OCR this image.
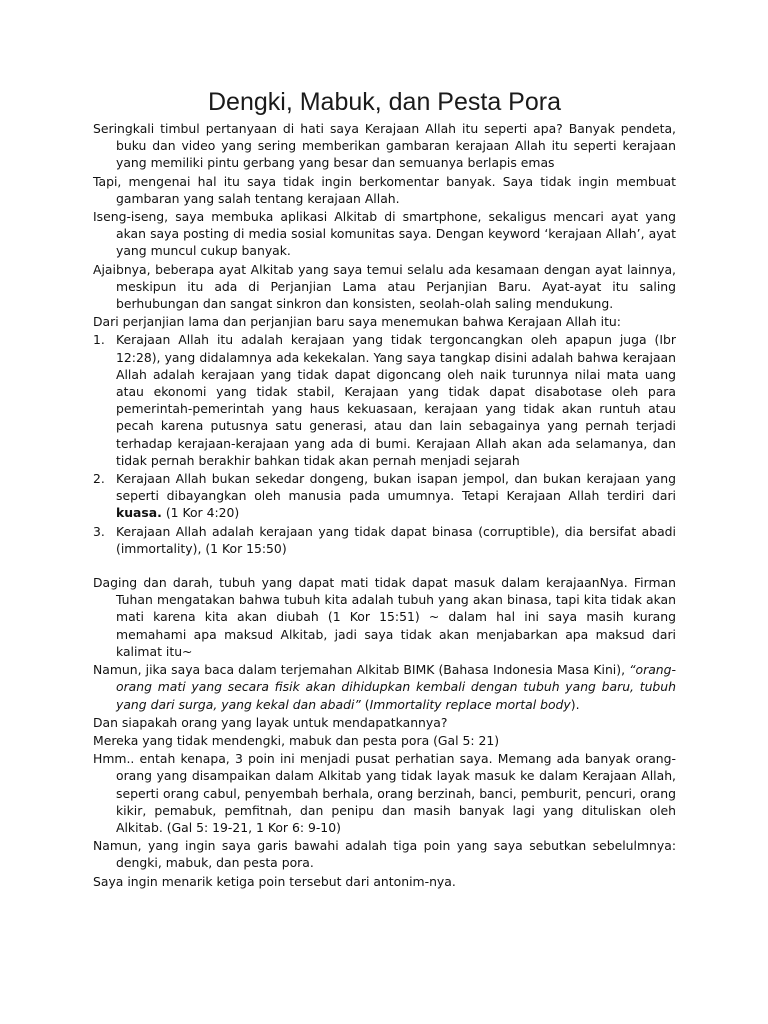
Dengki, Mabuk, dan Pesta Pora

Seringkali timbul pertanyaan di hati saya Kerajaan Allah itu seperti apa? Banyak pendeta, buku dan video yang sering memberikan gambaran kerajaan Allah itu seperti kerajaan yang memiliki pintu gerbang yang besar dan semuanya berlapis emas

Tapi, mengenai hal itu saya tidak ingin berkomentar banyak. Saya tidak ingin membuat gambaran yang salah tentang kerajaan Allah.

Iseng-iseng, saya membuka aplikasi Alkitab di smartphone, sekaligus mencari ayat yang akan saya posting di media sosial komunitas saya. Dengan keyword ‘kerajaan Allah’, ayat yang muncul cukup banyak.

Ajaibnya, beberapa ayat Alkitab yang saya temui selalu ada kesamaan dengan ayat lainnya, meskipun itu ada di Perjanjian Lama atau Perjanjian Baru. Ayat-ayat itu saling berhubungan dan sangat sinkron dan konsisten, seolah-olah saling mendukung.

Dari perjanjian lama dan perjanjian baru saya menemukan bahwa Kerajaan Allah itu:

1. Kerajaan Allah itu adalah kerajaan yang tidak tergoncangkan oleh apapun juga (Ibr 12:28), yang didalamnya ada kekekalan. Yang saya tangkap disini adalah bahwa kerajaan Allah adalah kerajaan yang tidak dapat digoncang oleh naik turunnya nilai mata uang atau ekonomi yang tidak stabil, Kerajaan yang tidak dapat disabotase oleh para pemerintah-pemerintah yang haus kekuasaan, kerajaan yang tidak akan runtuh atau pecah karena putusnya satu generasi, atau dan lain sebagainya yang pernah terjadi terhadap kerajaan-kerajaan yang ada di bumi. Kerajaan Allah akan ada selamanya, dan tidak pernah berakhir bahkan tidak akan pernah menjadi sejarah
2. Kerajaan Allah bukan sekedar dongeng, bukan isapan jempol, dan bukan kerajaan yang seperti dibayangkan oleh manusia pada umumnya. Tetapi Kerajaan Allah terdiri dari kuasa. (1 Kor 4:20)
3. Kerajaan Allah adalah kerajaan yang tidak dapat binasa (corruptible), dia bersifat abadi (immortality), (1 Kor 15:50)

Daging dan darah, tubuh yang dapat mati tidak dapat masuk dalam kerajaanNya. Firman Tuhan mengatakan bahwa tubuh kita adalah tubuh yang akan binasa, tapi kita tidak akan mati karena kita akan diubah (1 Kor 15:51) ~ dalam hal ini saya masih kurang memahami apa maksud Alkitab, jadi saya tidak akan menjabarkan apa maksud dari kalimat itu~

Namun, jika saya baca dalam terjemahan Alkitab BIMK (Bahasa Indonesia Masa Kini), “orang-orang mati yang secara fisik akan dihidupkan kembali dengan tubuh yang baru, tubuh yang dari surga, yang kekal dan abadi” (Immortality replace mortal body).

Dan siapakah orang yang layak untuk mendapatkannya?

Mereka yang tidak mendengki, mabuk dan pesta pora (Gal 5: 21)

Hmm.. entah kenapa, 3 poin ini menjadi pusat perhatian saya. Memang ada banyak orang-orang yang disampaikan dalam Alkitab yang tidak layak masuk ke dalam Kerajaan Allah, seperti orang cabul, penyembah berhala, orang berzinah, banci, pemburit, pencuri, orang kikir, pemabuk, pemfitnah, dan penipu dan masih banyak lagi yang dituliskan oleh Alkitab. (Gal 5: 19-21, 1 Kor 6: 9-10)

Namun, yang ingin saya garis bawahi adalah tiga poin yang saya sebutkan sebelulmnya: dengki, mabuk, dan pesta pora.

Saya ingin menarik ketiga poin tersebut dari antonim-nya.
